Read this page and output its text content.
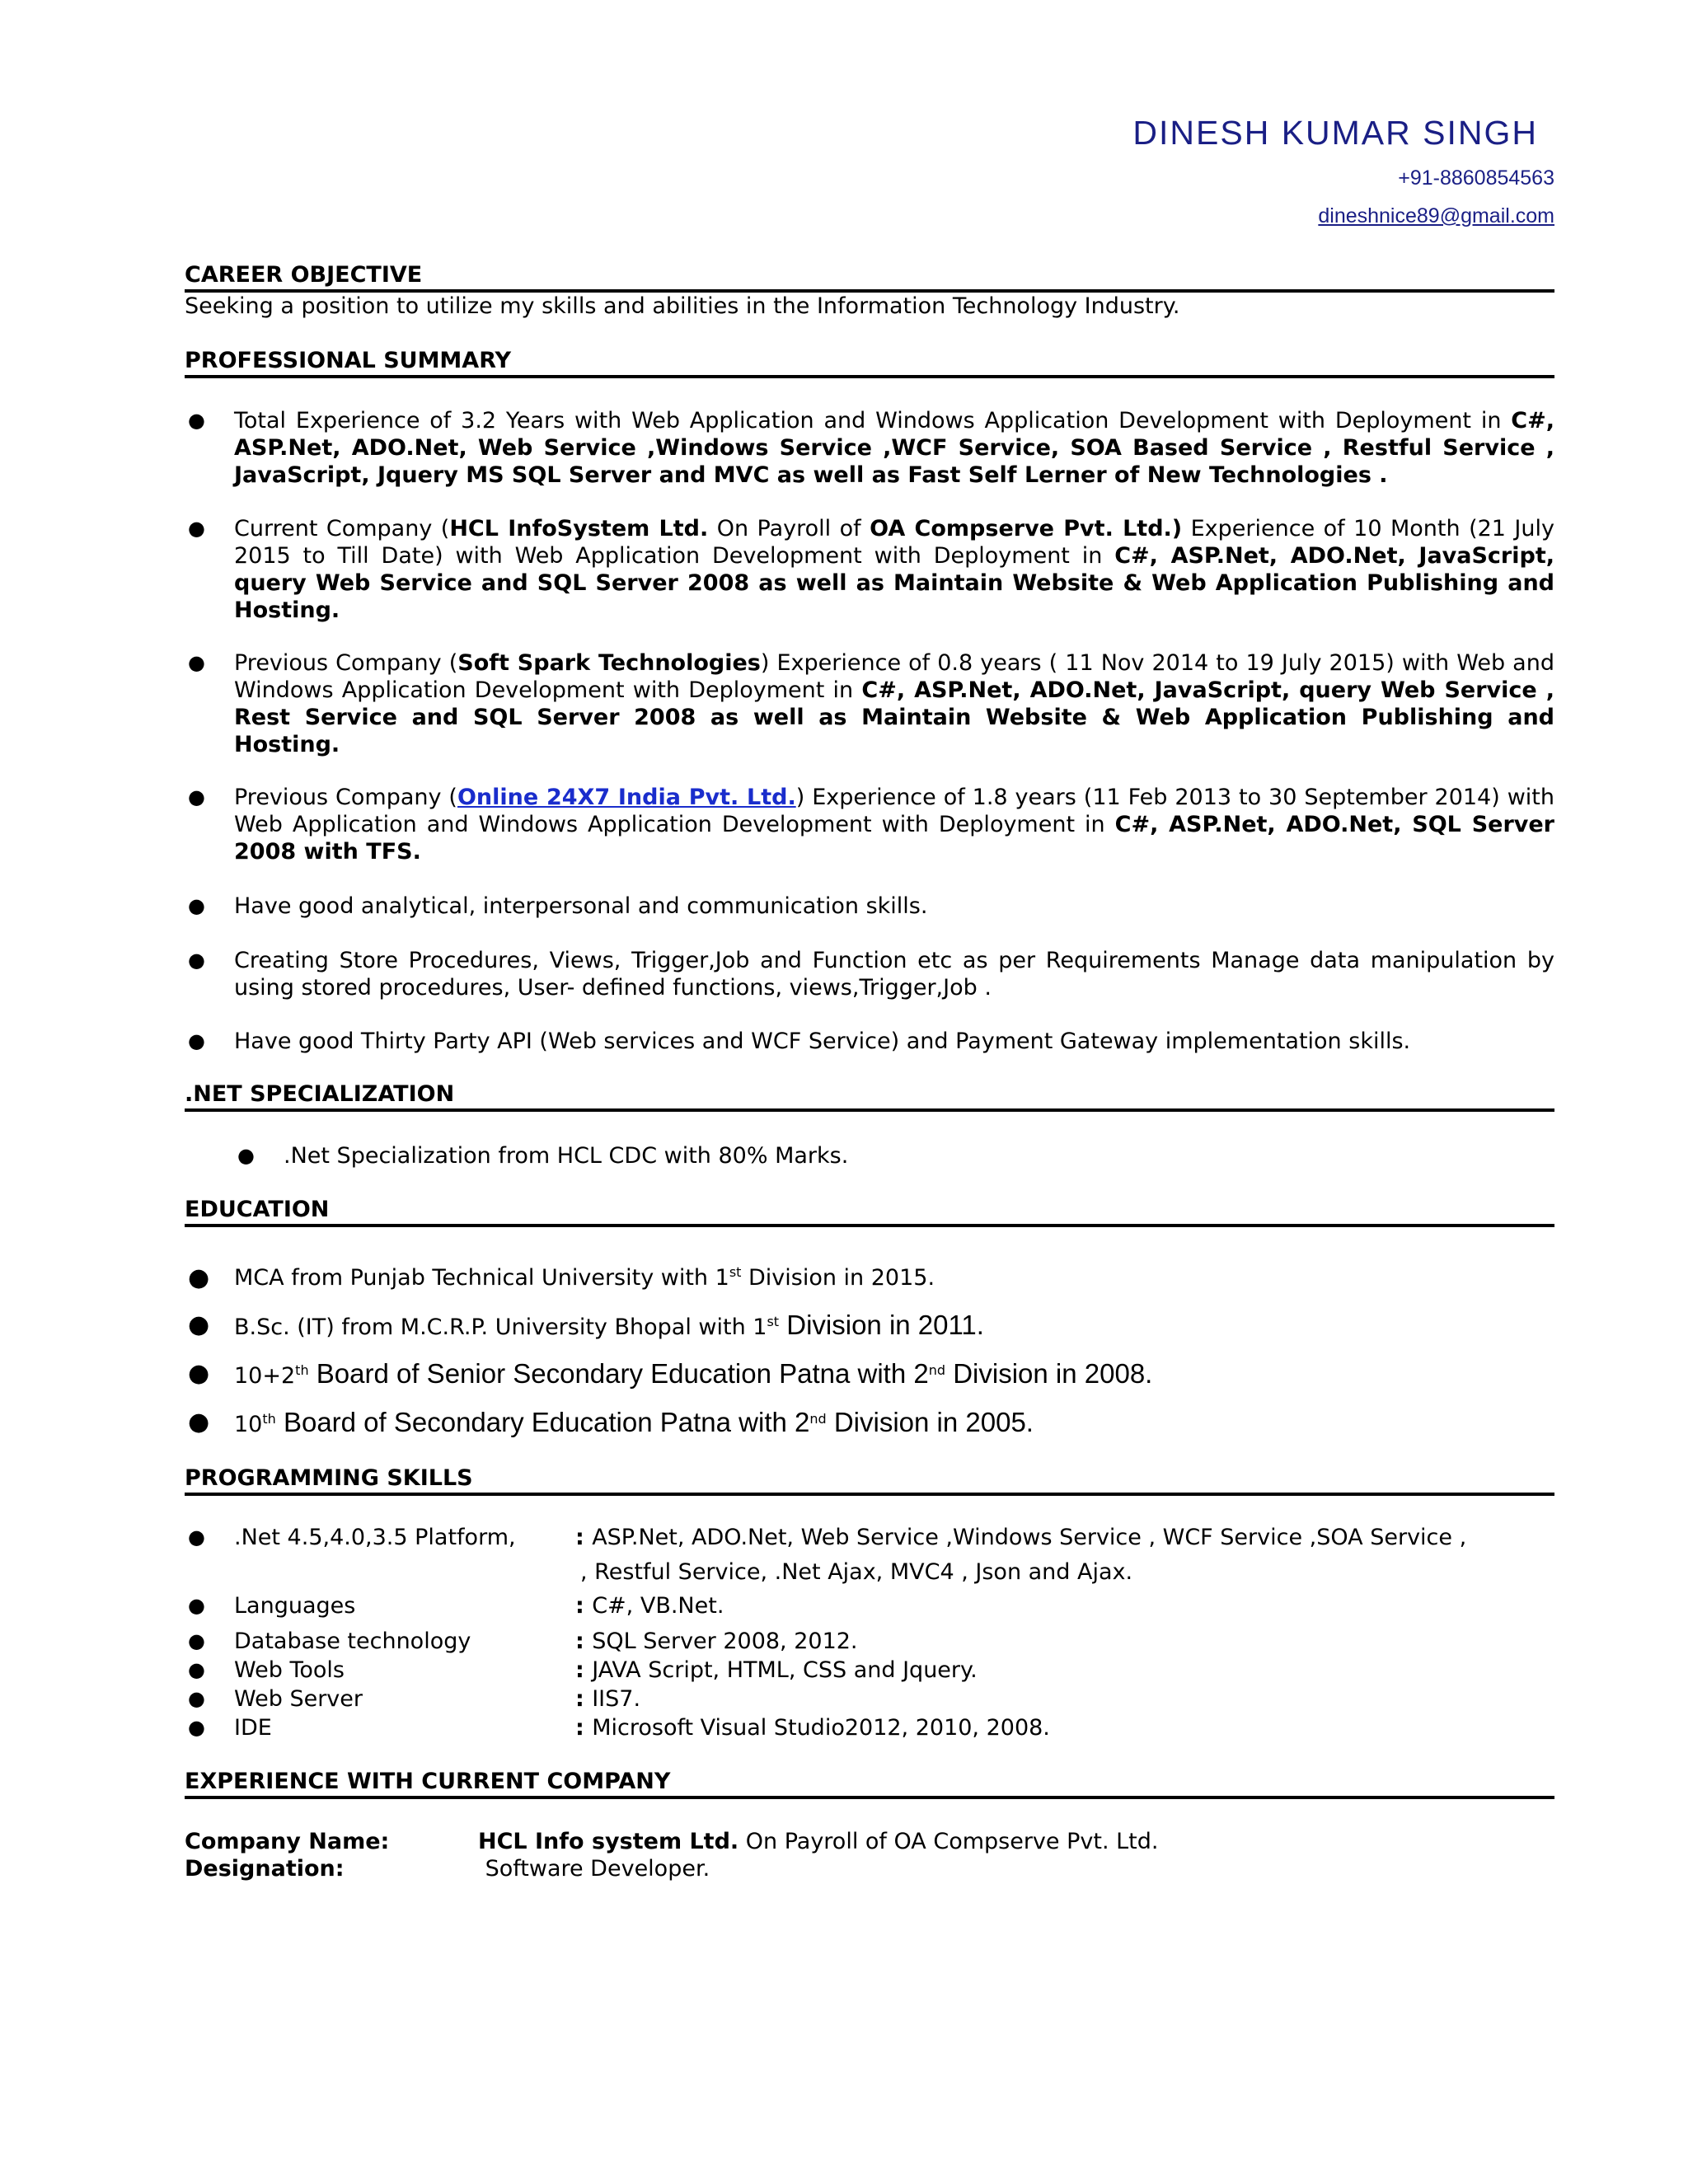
DINESH KUMAR SINGH
+91-8860854563
dineshnice89@gmail.com
CAREER OBJECTIVE
Seeking a position to utilize my skills and abilities in the Information Technology Industry.
PROFESSIONAL SUMMARY
● Total Experience of 3.2 Years with Web Application and Windows Application Development with Deployment in C#, ASP.Net, ADO.Net, Web Service ,Windows Service ,WCF Service, SOA Based Service , Restful Service , JavaScript, Jquery MS SQL Server and MVC as well as Fast Self Lerner of New Technologies .
● Current Company (HCL InfoSystem Ltd. On Payroll of OA Compserve Pvt. Ltd.) Experience of 10 Month (21 July 2015 to Till Date) with Web Application Development with Deployment in C#, ASP.Net, ADO.Net, JavaScript, query Web Service and SQL Server 2008 as well as Maintain Website & Web Application Publishing and Hosting.
● Previous Company (Soft Spark Technologies) Experience of 0.8 years ( 11 Nov 2014 to 19 July 2015) with Web and Windows Application Development with Deployment in C#, ASP.Net, ADO.Net, JavaScript, query Web Service , Rest Service and SQL Server 2008 as well as Maintain Website & Web Application Publishing and Hosting.
● Previous Company (Online 24X7 India Pvt. Ltd.) Experience of 1.8 years (11 Feb 2013 to 30 September 2014) with Web Application and Windows Application Development with Deployment in C#, ASP.Net, ADO.Net, SQL Server 2008 with TFS.
● Have good analytical, interpersonal and communication skills.
● Creating Store Procedures, Views, Trigger,Job and Function etc as per Requirements Manage data manipulation by using stored procedures, User- defined functions, views,Trigger,Job .
● Have good Thirty Party API (Web services and WCF Service) and Payment Gateway implementation skills.
.NET SPECIALIZATION
● .Net Specialization from HCL CDC with 80% Marks.
EDUCATION
● MCA from Punjab Technical University with 1st Division in 2015.
● B.Sc. (IT) from M.C.R.P. University Bhopal with 1st Division in 2011.
● 10+2th Board of Senior Secondary Education Patna with 2nd Division in 2008.
● 10th Board of Secondary Education Patna with 2nd Division in 2005.
PROGRAMMING SKILLS
● .Net 4.5,4.0,3.5 Platform,	: ASP.Net, ADO.Net, Web Service ,Windows Service , WCF Service ,SOA Service ,
, Restful Service, .Net Ajax, MVC4 , Json and Ajax.
● Languages	: C#, VB.Net.
● Database technology	: SQL Server 2008, 2012.
● Web Tools	: JAVA Script, HTML, CSS and Jquery.
● Web Server	: IIS7.
● IDE	: Microsoft Visual Studio2012, 2010, 2008.
EXPERIENCE WITH CURRENT COMPANY
Company Name:	HCL Info system Ltd. On Payroll of OA Compserve Pvt. Ltd.
Designation:	Software Developer.
